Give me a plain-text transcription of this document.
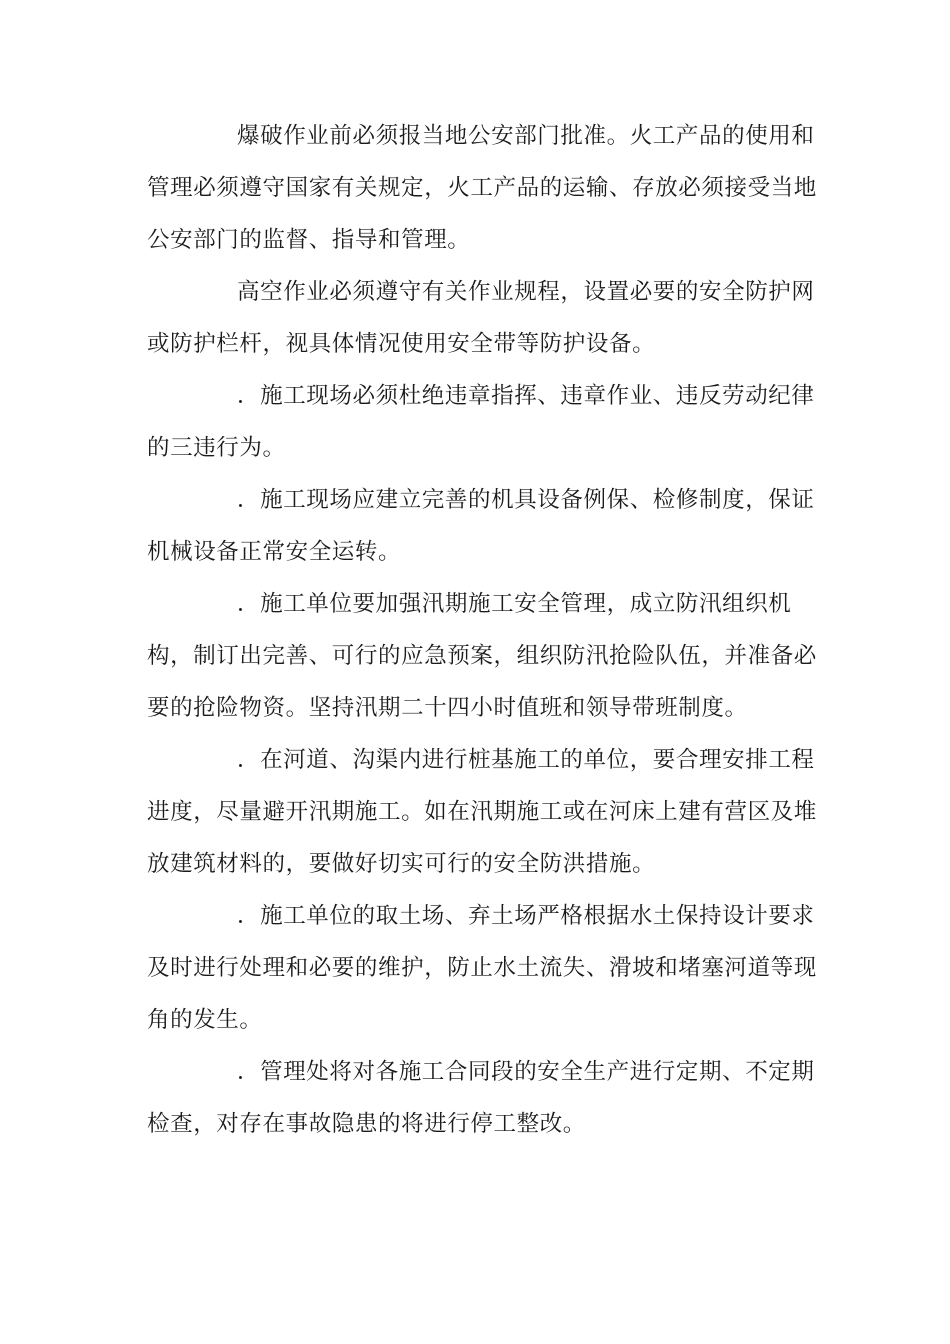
爆破作业前必须报当地公安部门批准。火工产品的使用和
管理必须遵守国家有关规定，火工产品的运输、存放必须接受当地
公安部门的监督、指导和管理。
高空作业必须遵守有关作业规程，设置必要的安全防护网
或防护栏杆，视具体情况使用安全带等防护设备。
．施工现场必须杜绝违章指挥、违章作业、违反劳动纪律
的三违行为。
．施工现场应建立完善的机具设备例保、检修制度，保证
机械设备正常安全运转。
．施工单位要加强汛期施工安全管理，成立防汛组织机
构，制订出完善、可行的应急预案，组织防汛抢险队伍，并准备必
要的抢险物资。坚持汛期二十四小时值班和领导带班制度。
．在河道、沟渠内进行桩基施工的单位，要合理安排工程
进度，尽量避开汛期施工。如在汛期施工或在河床上建有营区及堆
放建筑材料的，要做好切实可行的安全防洪措施。
．施工单位的取土场、弃土场严格根据水土保持设计要求
及时进行处理和必要的维护，防止水土流失、滑坡和堵塞河道等现
角的发生。
．管理处将对各施工合同段的安全生产进行定期、不定期
检查，对存在事故隐患的将进行停工整改。
